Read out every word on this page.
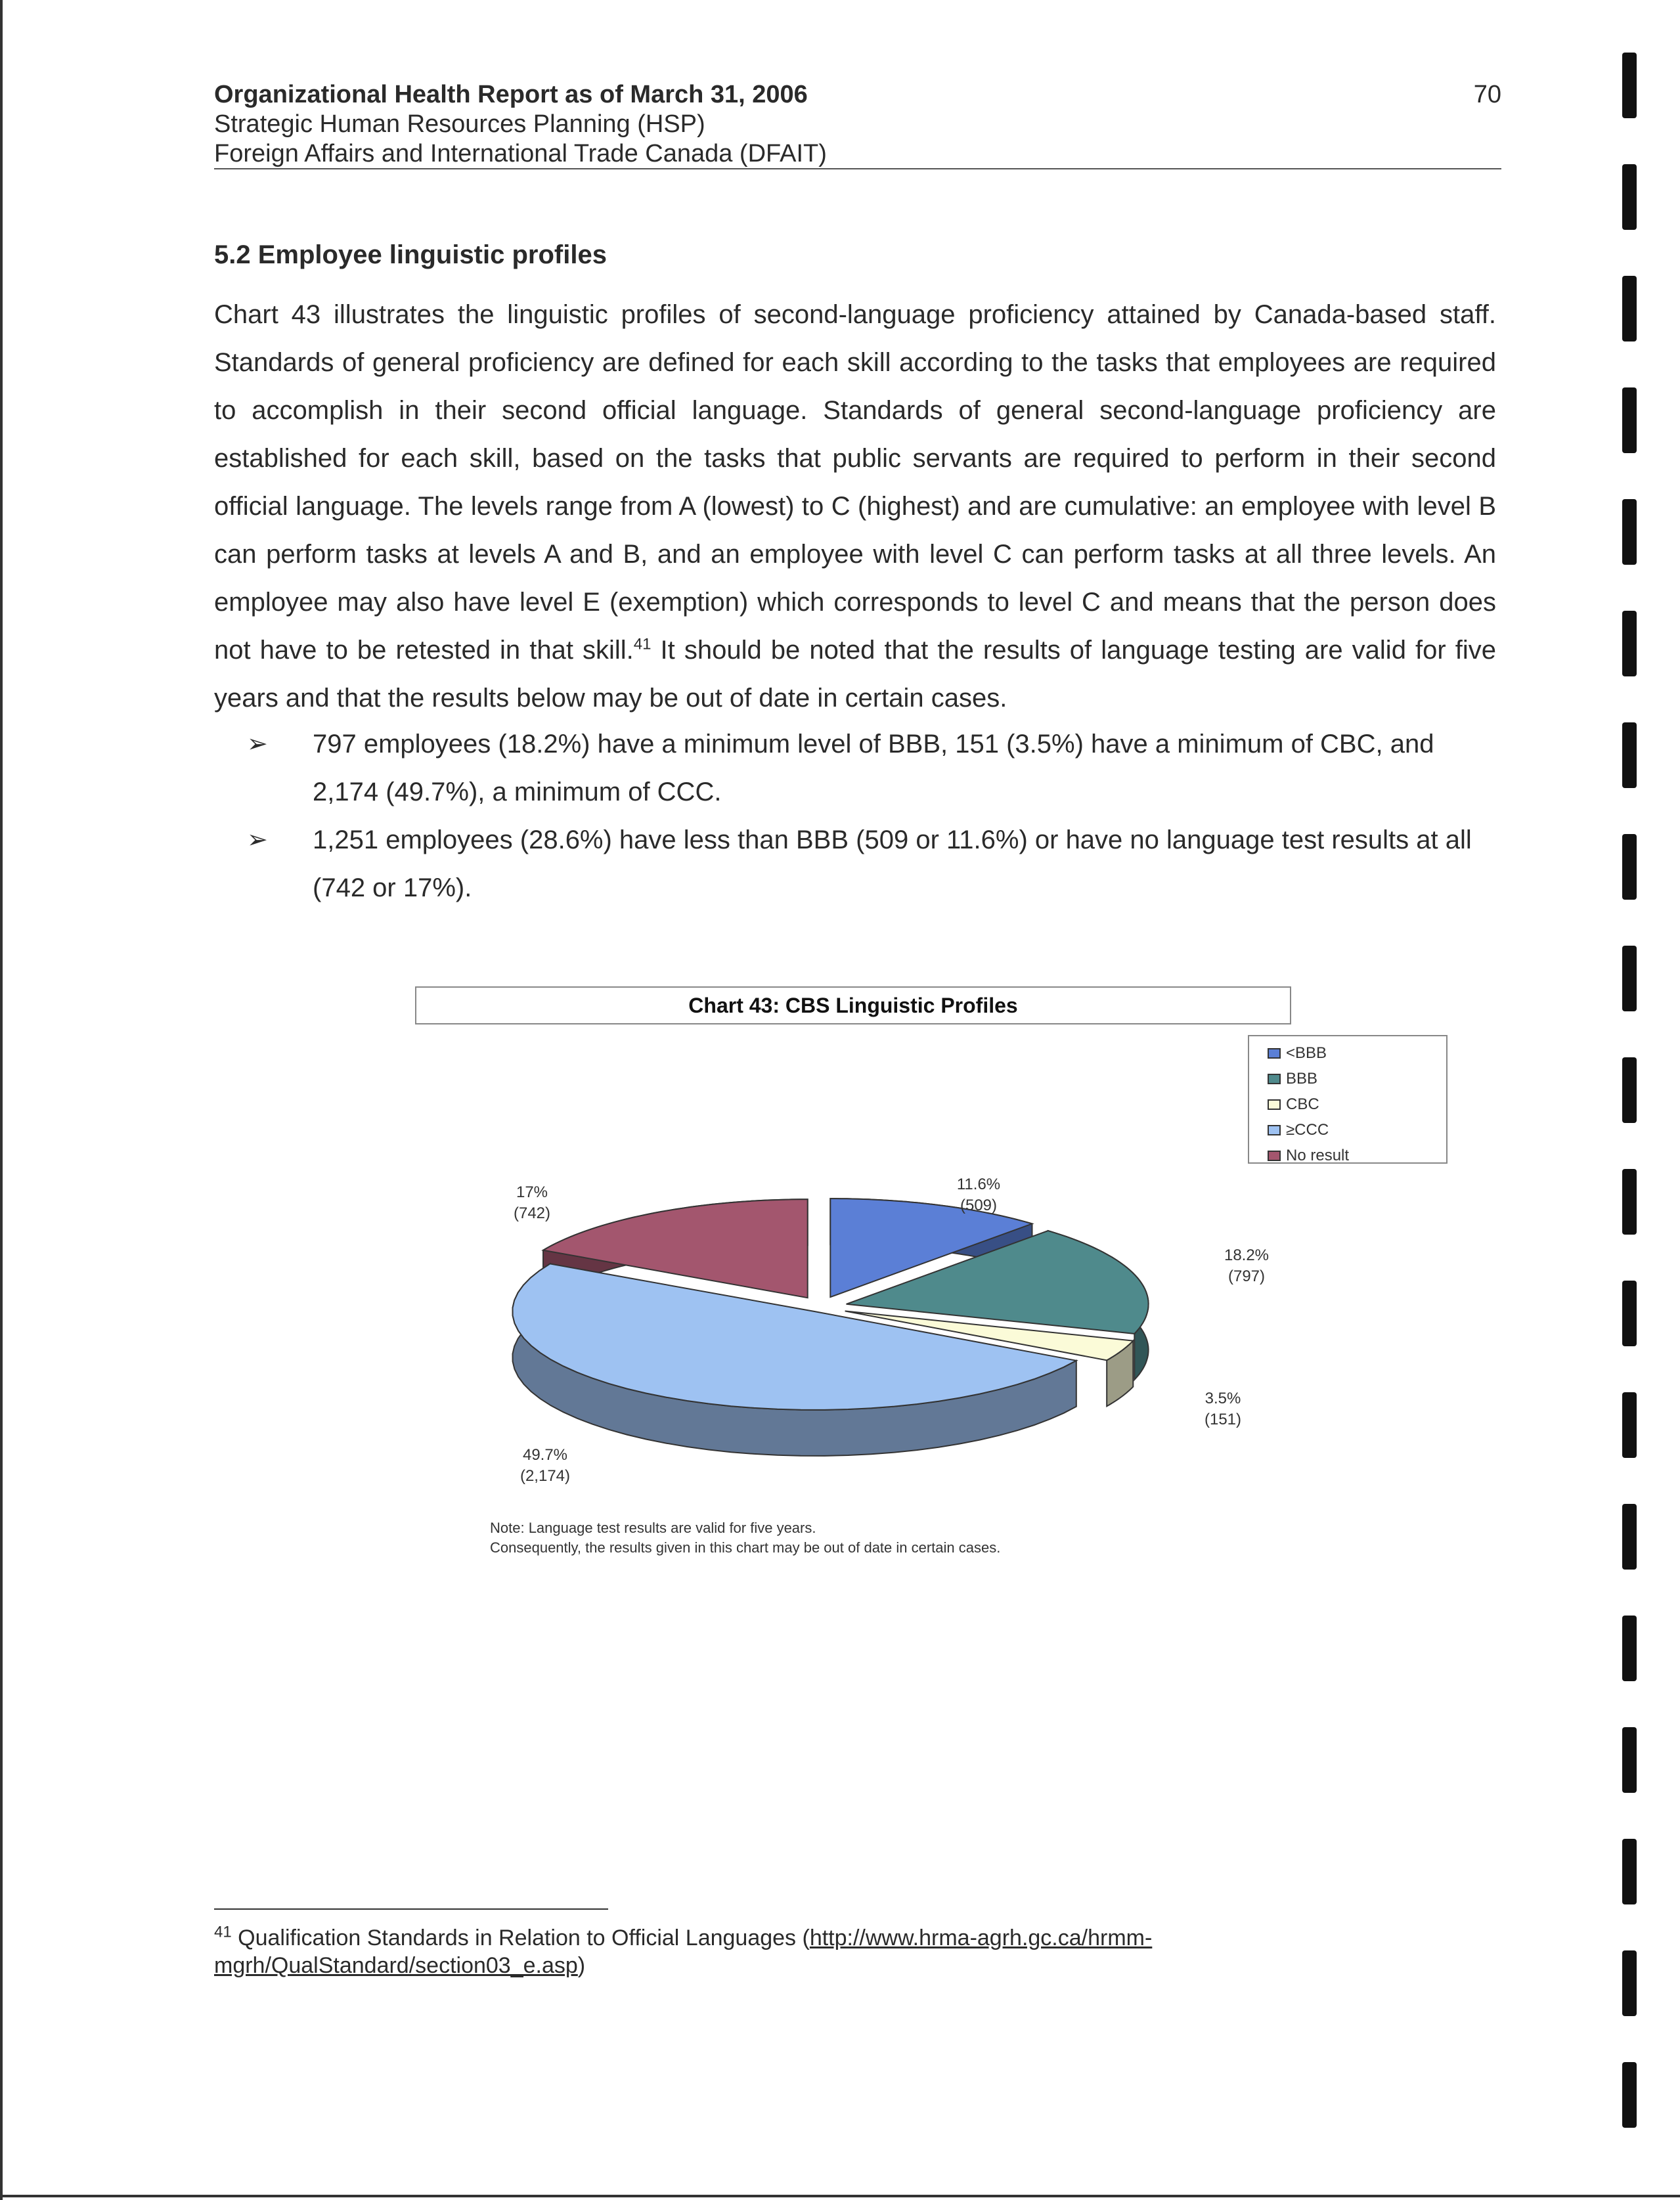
Organizational Health Report as of March 31, 2006
Strategic Human Resources Planning (HSP)
Foreign Affairs and International Trade Canada (DFAIT)
70
5.2 Employee linguistic profiles
Chart 43 illustrates the linguistic profiles of second-language proficiency attained by Canada-based staff. Standards of general proficiency are defined for each skill according to the tasks that employees are required to accomplish in their second official language. Standards of general second-language proficiency are established for each skill, based on the tasks that public servants are required to perform in their second official language. The levels range from A (lowest) to C (highest) and are cumulative: an employee with level B can perform tasks at levels A and B, and an employee with level C can perform tasks at all three levels. An employee may also have level E (exemption) which corresponds to level C and means that the person does not have to be retested in that skill.$^{41}$ It should be noted that the results of language testing are valid for five years and that the results below may be out of date in certain cases.
➢ 797 employees (18.2%) have a minimum level of BBB, 151 (3.5%) have a minimum of CBC, and 2,174 (49.7%), a minimum of CCC.
➢ 1,251 employees (28.6%) have less than BBB (509 or 11.6%) or have no language test results at all (742 or 17%).
Chart 43: CBS Linguistic Profiles
<BBB
BBB
CBC
≥CCC
No result
11.6%
(509)
18.2%
(797)
3.5%
(151)
49.7%
(2,174)
17%
(742)
Note: Language test results are valid for five years.
Consequently, the results given in this chart may be out of date in certain cases.
$^{41}$ Qualification Standards in Relation to Official Languages (http://www.hrma-agrh.gc.ca/hrmm-mgrh/QualStandard/section03_e.asp)
